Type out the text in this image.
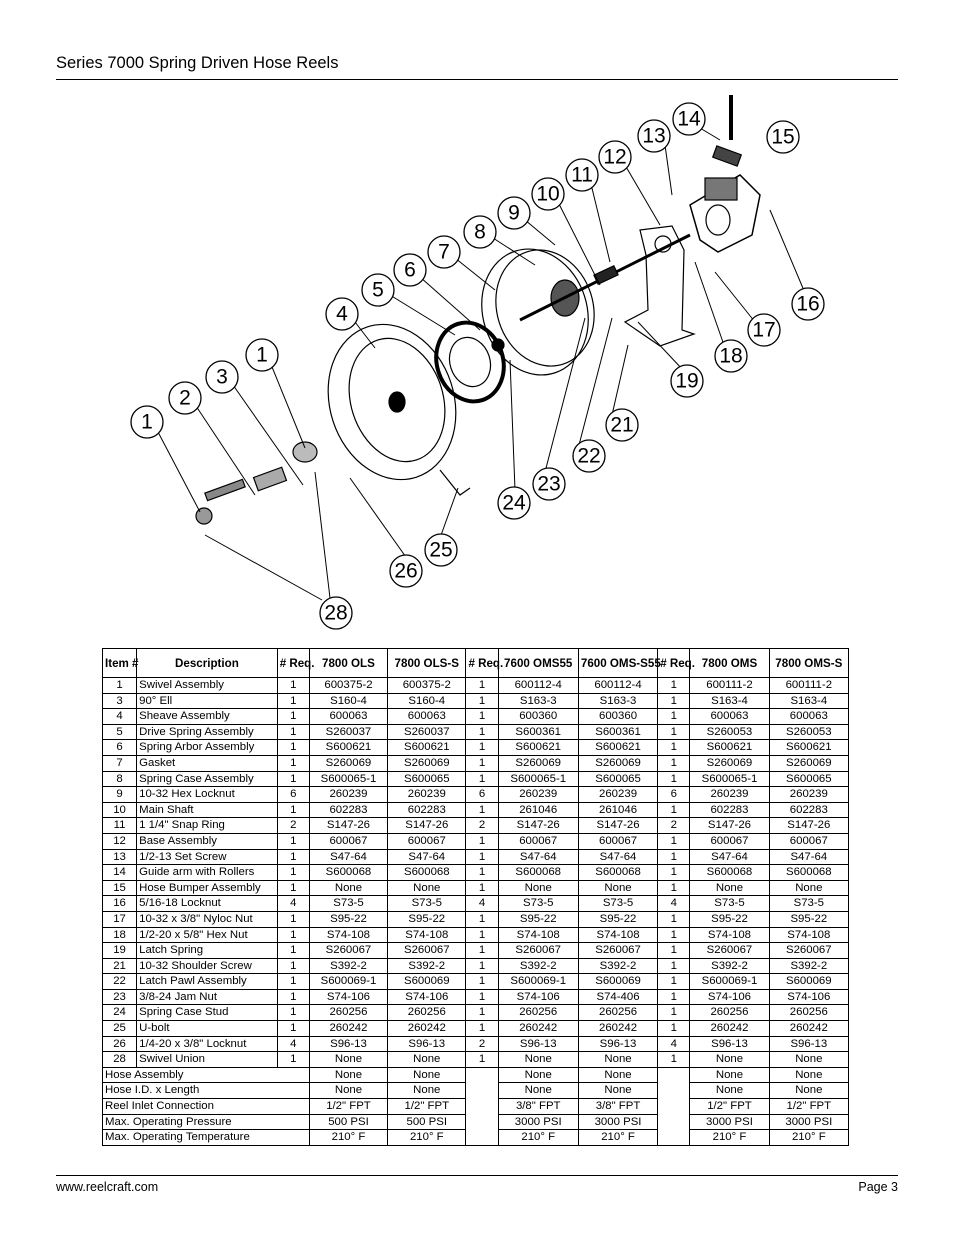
Series 7000 Spring Driven Hose Reels
1
1
2
3
4
5
6
7
8
9
10
11
12
13
14
15
16
17
18
19
21
22
23
24
25
26
28
Item #	Description	# Req.	7800 OLS	7800 OLS-S	# Req.	7600 OMS55	7600 OMS-S55	# Req.	7800 OMS	7800 OMS-S
1	Swivel Assembly	1	600375-2	600375-2	1	600112-4	600112-4	1	600111-2	600111-2
3	90° Ell	1	S160-4	S160-4	1	S163-3	S163-3	1	S163-4	S163-4
4	Sheave Assembly	1	600063	600063	1	600360	600360	1	600063	600063
5	Drive Spring Assembly	1	S260037	S260037	1	S600361	S600361	1	S260053	S260053
6	Spring Arbor Assembly	1	S600621	S600621	1	S600621	S600621	1	S600621	S600621
7	Gasket	1	S260069	S260069	1	S260069	S260069	1	S260069	S260069
8	Spring Case Assembly	1	S600065-1	S600065	1	S600065-1	S600065	1	S600065-1	S600065
9	10-32 Hex Locknut	6	260239	260239	6	260239	260239	6	260239	260239
10	Main Shaft	1	602283	602283	1	261046	261046	1	602283	602283
11	1 1/4" Snap Ring	2	S147-26	S147-26	2	S147-26	S147-26	2	S147-26	S147-26
12	Base Assembly	1	600067	600067	1	600067	600067	1	600067	600067
13	1/2-13 Set Screw	1	S47-64	S47-64	1	S47-64	S47-64	1	S47-64	S47-64
14	Guide arm with Rollers	1	S600068	S600068	1	S600068	S600068	1	S600068	S600068
15	Hose Bumper Assembly	1	None	None	1	None	None	1	None	None
16	5/16-18 Locknut	4	S73-5	S73-5	4	S73-5	S73-5	4	S73-5	S73-5
17	10-32 x 3/8" Nyloc Nut	1	S95-22	S95-22	1	S95-22	S95-22	1	S95-22	S95-22
18	1/2-20 x 5/8" Hex Nut	1	S74-108	S74-108	1	S74-108	S74-108	1	S74-108	S74-108
19	Latch Spring	1	S260067	S260067	1	S260067	S260067	1	S260067	S260067
21	10-32 Shoulder Screw	1	S392-2	S392-2	1	S392-2	S392-2	1	S392-2	S392-2
22	Latch Pawl Assembly	1	S600069-1	S600069	1	S600069-1	S600069	1	S600069-1	S600069
23	3/8-24 Jam Nut	1	S74-106	S74-106	1	S74-106	S74-406	1	S74-106	S74-106
24	Spring Case Stud	1	260256	260256	1	260256	260256	1	260256	260256
25	U-bolt	1	260242	260242	1	260242	260242	1	260242	260242
26	1/4-20 x 3/8" Locknut	4	S96-13	S96-13	2	S96-13	S96-13	4	S96-13	S96-13
28	Swivel Union	1	None	None	1	None	None	1	None	None
Hose Assembly			None	None		None	None		None	None
Hose I.D. x Length			None	None		None	None		None	None
Reel Inlet Connection			1/2" FPT	1/2" FPT		3/8" FPT	3/8" FPT		1/2" FPT	1/2" FPT
Max. Operating Pressure			500 PSI	500 PSI		3000 PSI	3000 PSI		3000 PSI	3000 PSI
Max. Operating Temperature			210° F	210° F		210° F	210° F		210° F	210° F
www.reelcraft.com	Page 3
